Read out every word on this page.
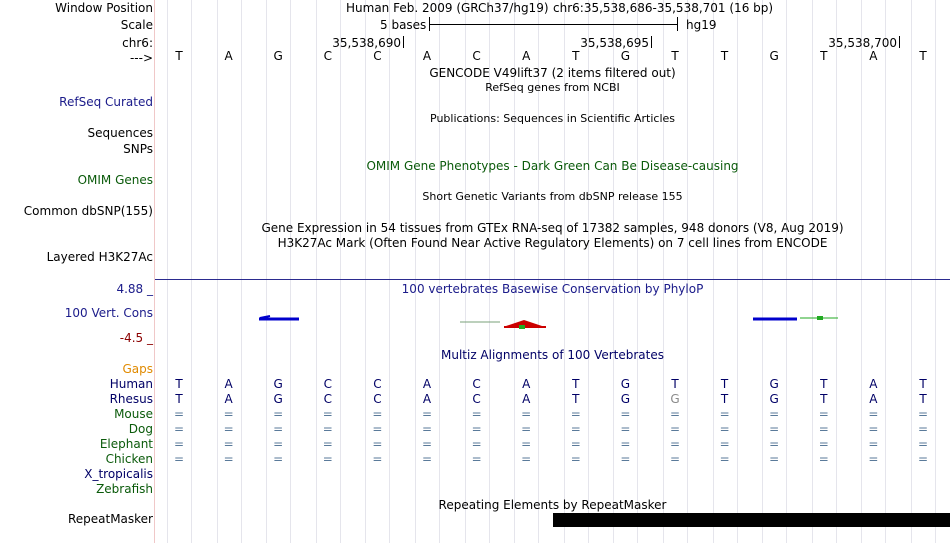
Window Position	Human Feb. 2009 (GRCh37/hg19) chr6:35,538,686-35,538,701 (16 bp)
Scale	5 bases	hg19
chr6:	35,538,690	35,538,695	35,538,700
--->	T	A	G	C	C	A	C	A	T	G	T	T	G	T	A	T
GENCODE V49lift37 (2 items filtered out)
RefSeq genes from NCBI
RefSeq Curated
Publications: Sequences in Scientific Articles
Sequences
SNPs
OMIM Gene Phenotypes - Dark Green Can Be Disease-causing
OMIM Genes
Short Genetic Variants from dbSNP release 155
Common dbSNP(155)
Gene Expression in 54 tissues from GTEx RNA-seq of 17382 samples, 948 donors (V8, Aug 2019)
H3K27Ac Mark (Often Found Near Active Regulatory Elements) on 7 cell lines from ENCODE
Layered H3K27Ac
100 vertebrates Basewise Conservation by PhyloP
4.88 _
100 Vert. Cons
-4.5 _
Multiz Alignments of 100 Vertebrates
Gaps
Human	T	A	G	C	C	A	C	A	T	G	T	T	G	T	A	T
Rhesus	T	A	G	C	C	A	C	A	T	G	G	T	G	T	A	T
Mouse	=	=	=	=	=	=	=	=	=	=	=	=	=	=	=	=
Dog	=	=	=	=	=	=	=	=	=	=	=	=	=	=	=	=
Elephant	=	=	=	=	=	=	=	=	=	=	=	=	=	=	=	=
Chicken	=	=	=	=	=	=	=	=	=	=	=	=	=	=	=	=
X_tropicalis
Zebrafish
Repeating Elements by RepeatMasker
RepeatMasker
